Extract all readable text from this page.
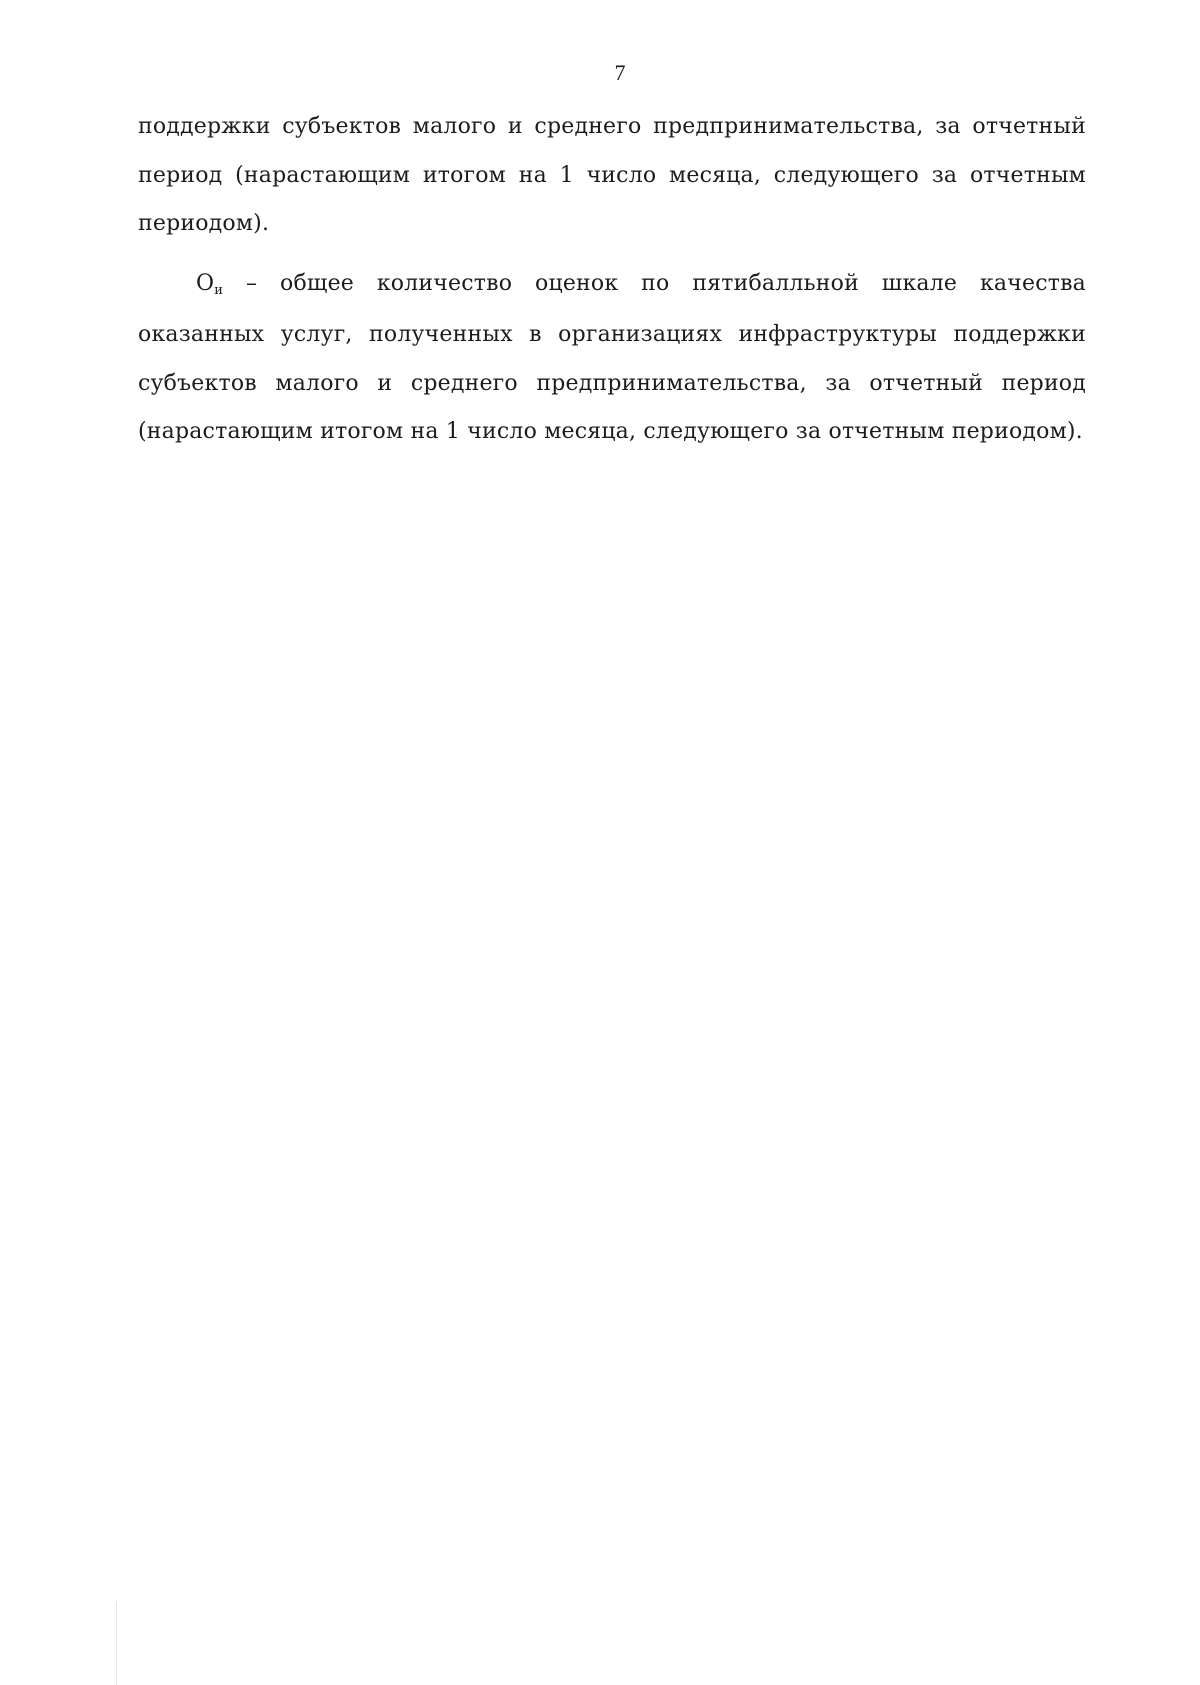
7

поддержки субъектов малого и среднего предпринимательства, за отчетный период (нарастающим итогом на 1 число месяца, следующего за отчетным периодом).

Ои – общее количество оценок по пятибалльной шкале качества оказанных услуг, полученных в организациях инфраструктуры поддержки субъектов малого и среднего предпринимательства, за отчетный период (нарастающим итогом на 1 число месяца, следующего за отчетным периодом).
